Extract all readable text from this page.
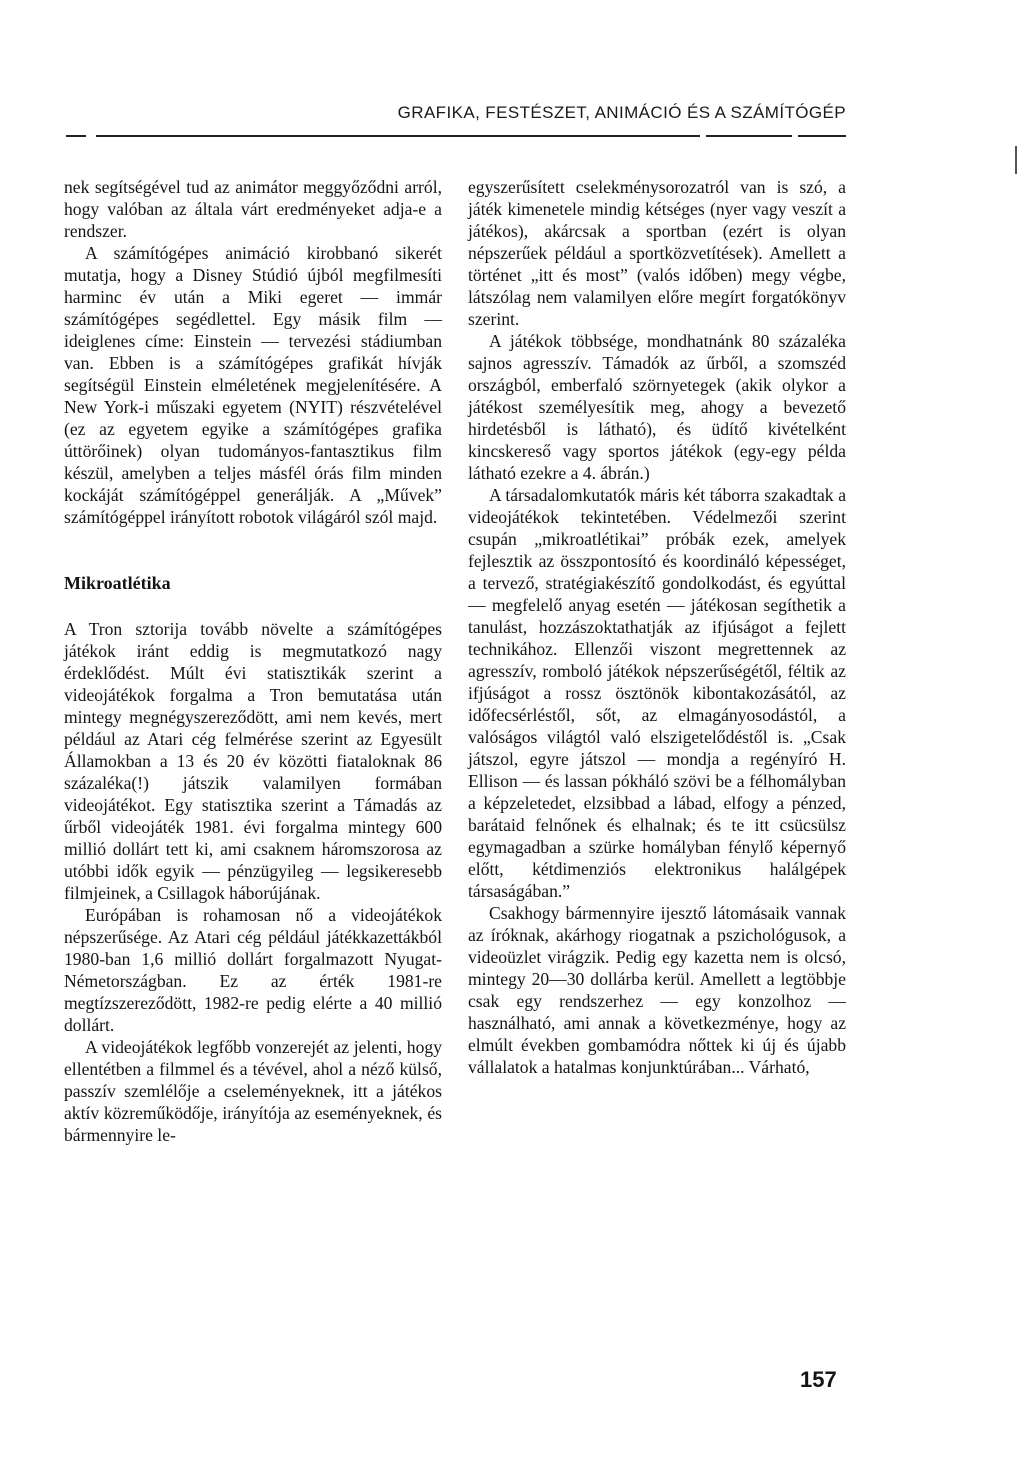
GRAFIKA, FESTÉSZET, ANIMÁCIÓ ÉS A SZÁMÍTÓGÉP

nek segítségével tud az animátor meggyőződni arról, hogy valóban az általa várt eredményeket adja-e a rendszer.

A számítógépes animáció kirobbanó sikerét mutatja, hogy a Disney Stúdió újból megfilmesíti harminc év után a Miki egeret — immár számítógépes segédlettel. Egy másik film — ideiglenes címe: Einstein — tervezési stádiumban van. Ebben is a számítógépes grafikát hívják segítségül Einstein elméletének megjelenítésére. A New York-i műszaki egyetem (NYIT) részvételével (ez az egyetem egyike a számítógépes grafika úttörőinek) olyan tudományos-fantasztikus film készül, amelyben a teljes másfél órás film minden kockáját számítógéppel generálják. A „Művek” számítógéppel irányított robotok világáról szól majd.

Mikroatlétika

A Tron sztorija tovább növelte a számítógépes játékok iránt eddig is megmutatkozó nagy érdeklődést. Múlt évi statisztikák szerint a videojátékok forgalma a Tron bemutatása után mintegy megnégyszereződött, ami nem kevés, mert például az Atari cég felmérése szerint az Egyesült Államokban a 13 és 20 év közötti fiataloknak 86 százaléka(!) játszik valamilyen formában videojátékot. Egy statisztika szerint a Támadás az űrből videojáték 1981. évi forgalma mintegy 600 millió dollárt tett ki, ami csaknem háromszorosa az utóbbi idők egyik — pénzügyileg — legsikeresebb filmjeinek, a Csillagok háborújának.

Európában is rohamosan nő a videojátékok népszerűsége. Az Atari cég például játékkazettákból 1980-ban 1,6 millió dollárt forgalmazott Nyugat-Németországban. Ez az érték 1981-re megtízszereződött, 1982-re pedig elérte a 40 millió dollárt.

A videojátékok legfőbb vonzerejét az jelenti, hogy ellentétben a filmmel és a tévével, ahol a néző külső, passzív szemlélője a cseleményeknek, itt a játékos aktív közreműködője, irányítója az eseményeknek, és bármennyire le-

egyszerűsített cselekménysorozatról van is szó, a játék kimenetele mindig kétséges (nyer vagy veszít a játékos), akárcsak a sportban (ezért is olyan népszerűek például a sportközvetítések). Amellett a történet „itt és most” (valós időben) megy végbe, látszólag nem valamilyen előre megírt forgatókönyv szerint.

A játékok többsége, mondhatnánk 80 százaléka sajnos agresszív. Támadók az űrből, a szomszéd országból, emberfaló szörnyetegek (akik olykor a játékost személyesítik meg, ahogy a bevezető hirdetésből is látható), és üdítő kivételként kincskereső vagy sportos játékok (egy-egy példa látható ezekre a 4. ábrán.)

A társadalomkutatók máris két táborra szakadtak a videojátékok tekintetében. Védelmezői szerint csupán „mikroatlétikai” próbák ezek, amelyek fejlesztik az összpontosító és koordináló képességet, a tervező, stratégiakészítő gondolkodást, és egyúttal — megfelelő anyag esetén — játékosan segíthetik a tanulást, hozzászoktathatják az ifjúságot a fejlett technikához. Ellenzői viszont megrettennek az agresszív, romboló játékok népszerűségétől, féltik az ifjúságot a rossz ösztönök kibontakozásától, az időfecsérléstől, sőt, az elmagányosodástól, a valóságos világtól való elszigetelődéstől is. „Csak játszol, egyre játszol — mondja a regényíró H. Ellison — és lassan pókháló szövi be a félhomályban a képzeletedet, elzsibbad a lábad, elfogy a pénzed, barátaid felnőnek és elhalnak; és te itt csücsülsz egymagadban a szürke homályban fénylő képernyő előtt, kétdimenziós elektronikus halálgépek társaságában.”

Csakhogy bármennyire ijesztő látomásaik vannak az íróknak, akárhogy riogatnak a pszichológusok, a videoüzlet virágzik. Pedig egy kazetta nem is olcsó, mintegy 20—30 dollárba kerül. Amellett a legtöbbje csak egy rendszerhez — egy konzolhoz — használható, ami annak a következménye, hogy az elmúlt években gombamódra nőttek ki új és újabb vállalatok a hatalmas konjunktúrában... Várható,

157
